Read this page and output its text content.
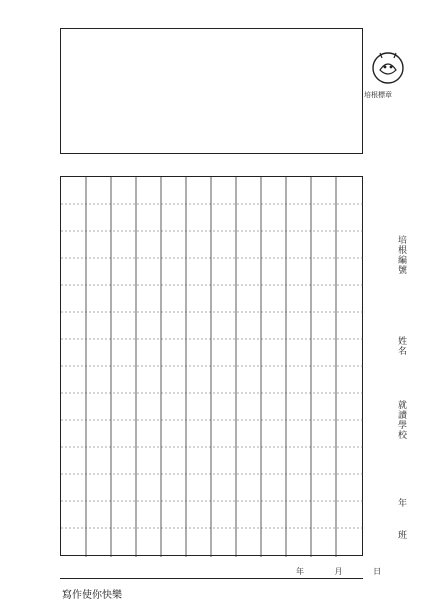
培根標章
培根編號
姓名
就讀學校
年
班
年 月 日
寫作使你快樂
